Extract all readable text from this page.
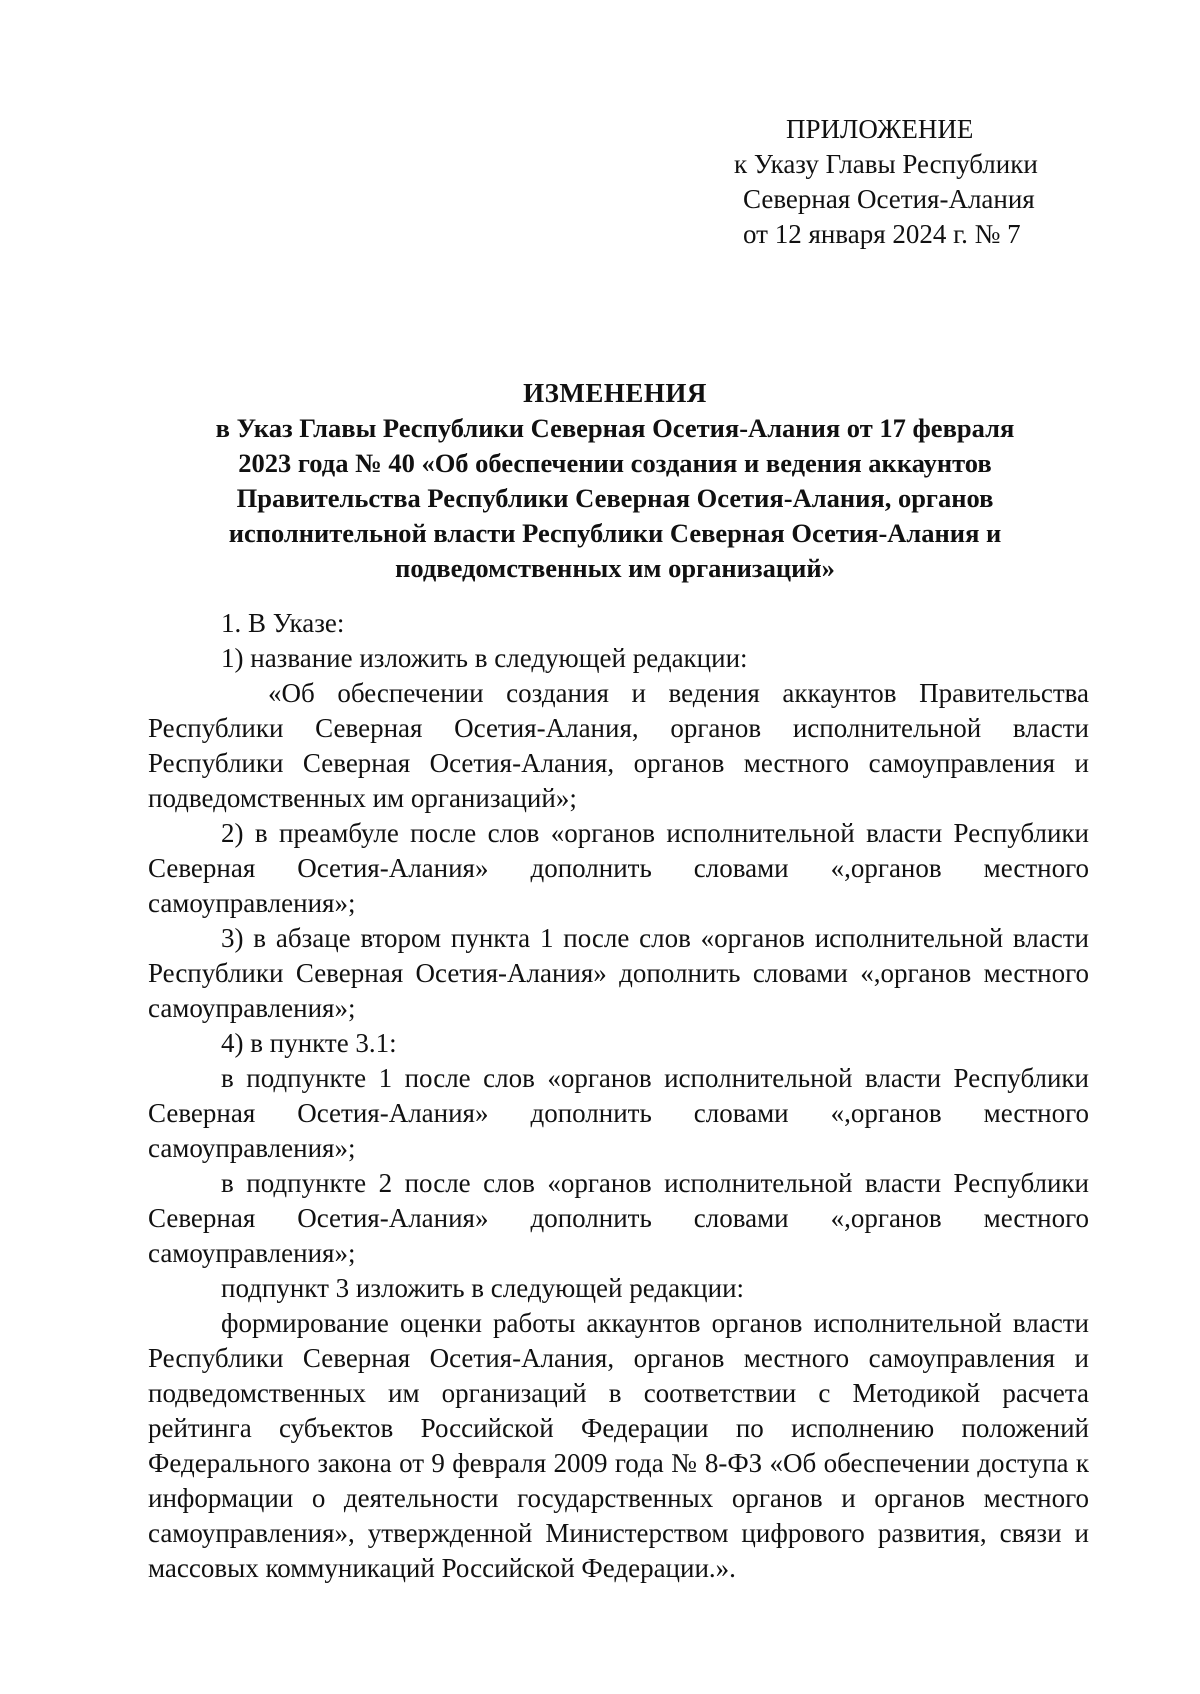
ПРИЛОЖЕНИЕ
к Указу Главы Республики
Северная Осетия-Алания
от 12 января 2024 г. № 7
ИЗМЕНЕНИЯ
в Указ Главы Республики Северная Осетия-Алания от 17 февраля
2023 года № 40 «Об обеспечении создания и ведения аккаунтов
Правительства Республики Северная Осетия-Алания, органов
исполнительной власти Республики Северная Осетия-Алания и
подведомственных им организаций»

1. В Указе:

1) название изложить в следующей редакции:

«Об обеспечении создания и ведения аккаунтов Правительства Республики Северная Осетия-Алания, органов исполнительной власти Республики Северная Осетия-Алания, органов местного самоуправления и подведомственных им организаций»;

2) в преамбуле после слов «органов исполнительной власти Республики Северная Осетия-Алания» дополнить словами «,органов местного самоуправления»;

3) в абзаце втором пункта 1 после слов «органов исполнительной власти Республики Северная Осетия-Алания» дополнить словами «,органов местного самоуправления»;

4) в пункте 3.1:

в подпункте 1 после слов «органов исполнительной власти Республики Северная Осетия-Алания» дополнить словами «,органов местного самоуправления»;

в подпункте 2 после слов «органов исполнительной власти Республики Северная Осетия-Алания» дополнить словами «,органов местного самоуправления»;

подпункт 3 изложить в следующей редакции:

формирование оценки работы аккаунтов органов исполнительной власти Республики Северная Осетия-Алания, органов местного самоуправления и подведомственных им организаций в соответствии с Методикой расчета рейтинга субъектов Российской Федерации по исполнению положений Федерального закона от 9 февраля 2009 года № 8-ФЗ «Об обеспечении доступа к информации о деятельности государственных органов и органов местного самоуправления», утвержденной Министерством цифрового развития, связи и массовых коммуникаций Российской Федерации.».
